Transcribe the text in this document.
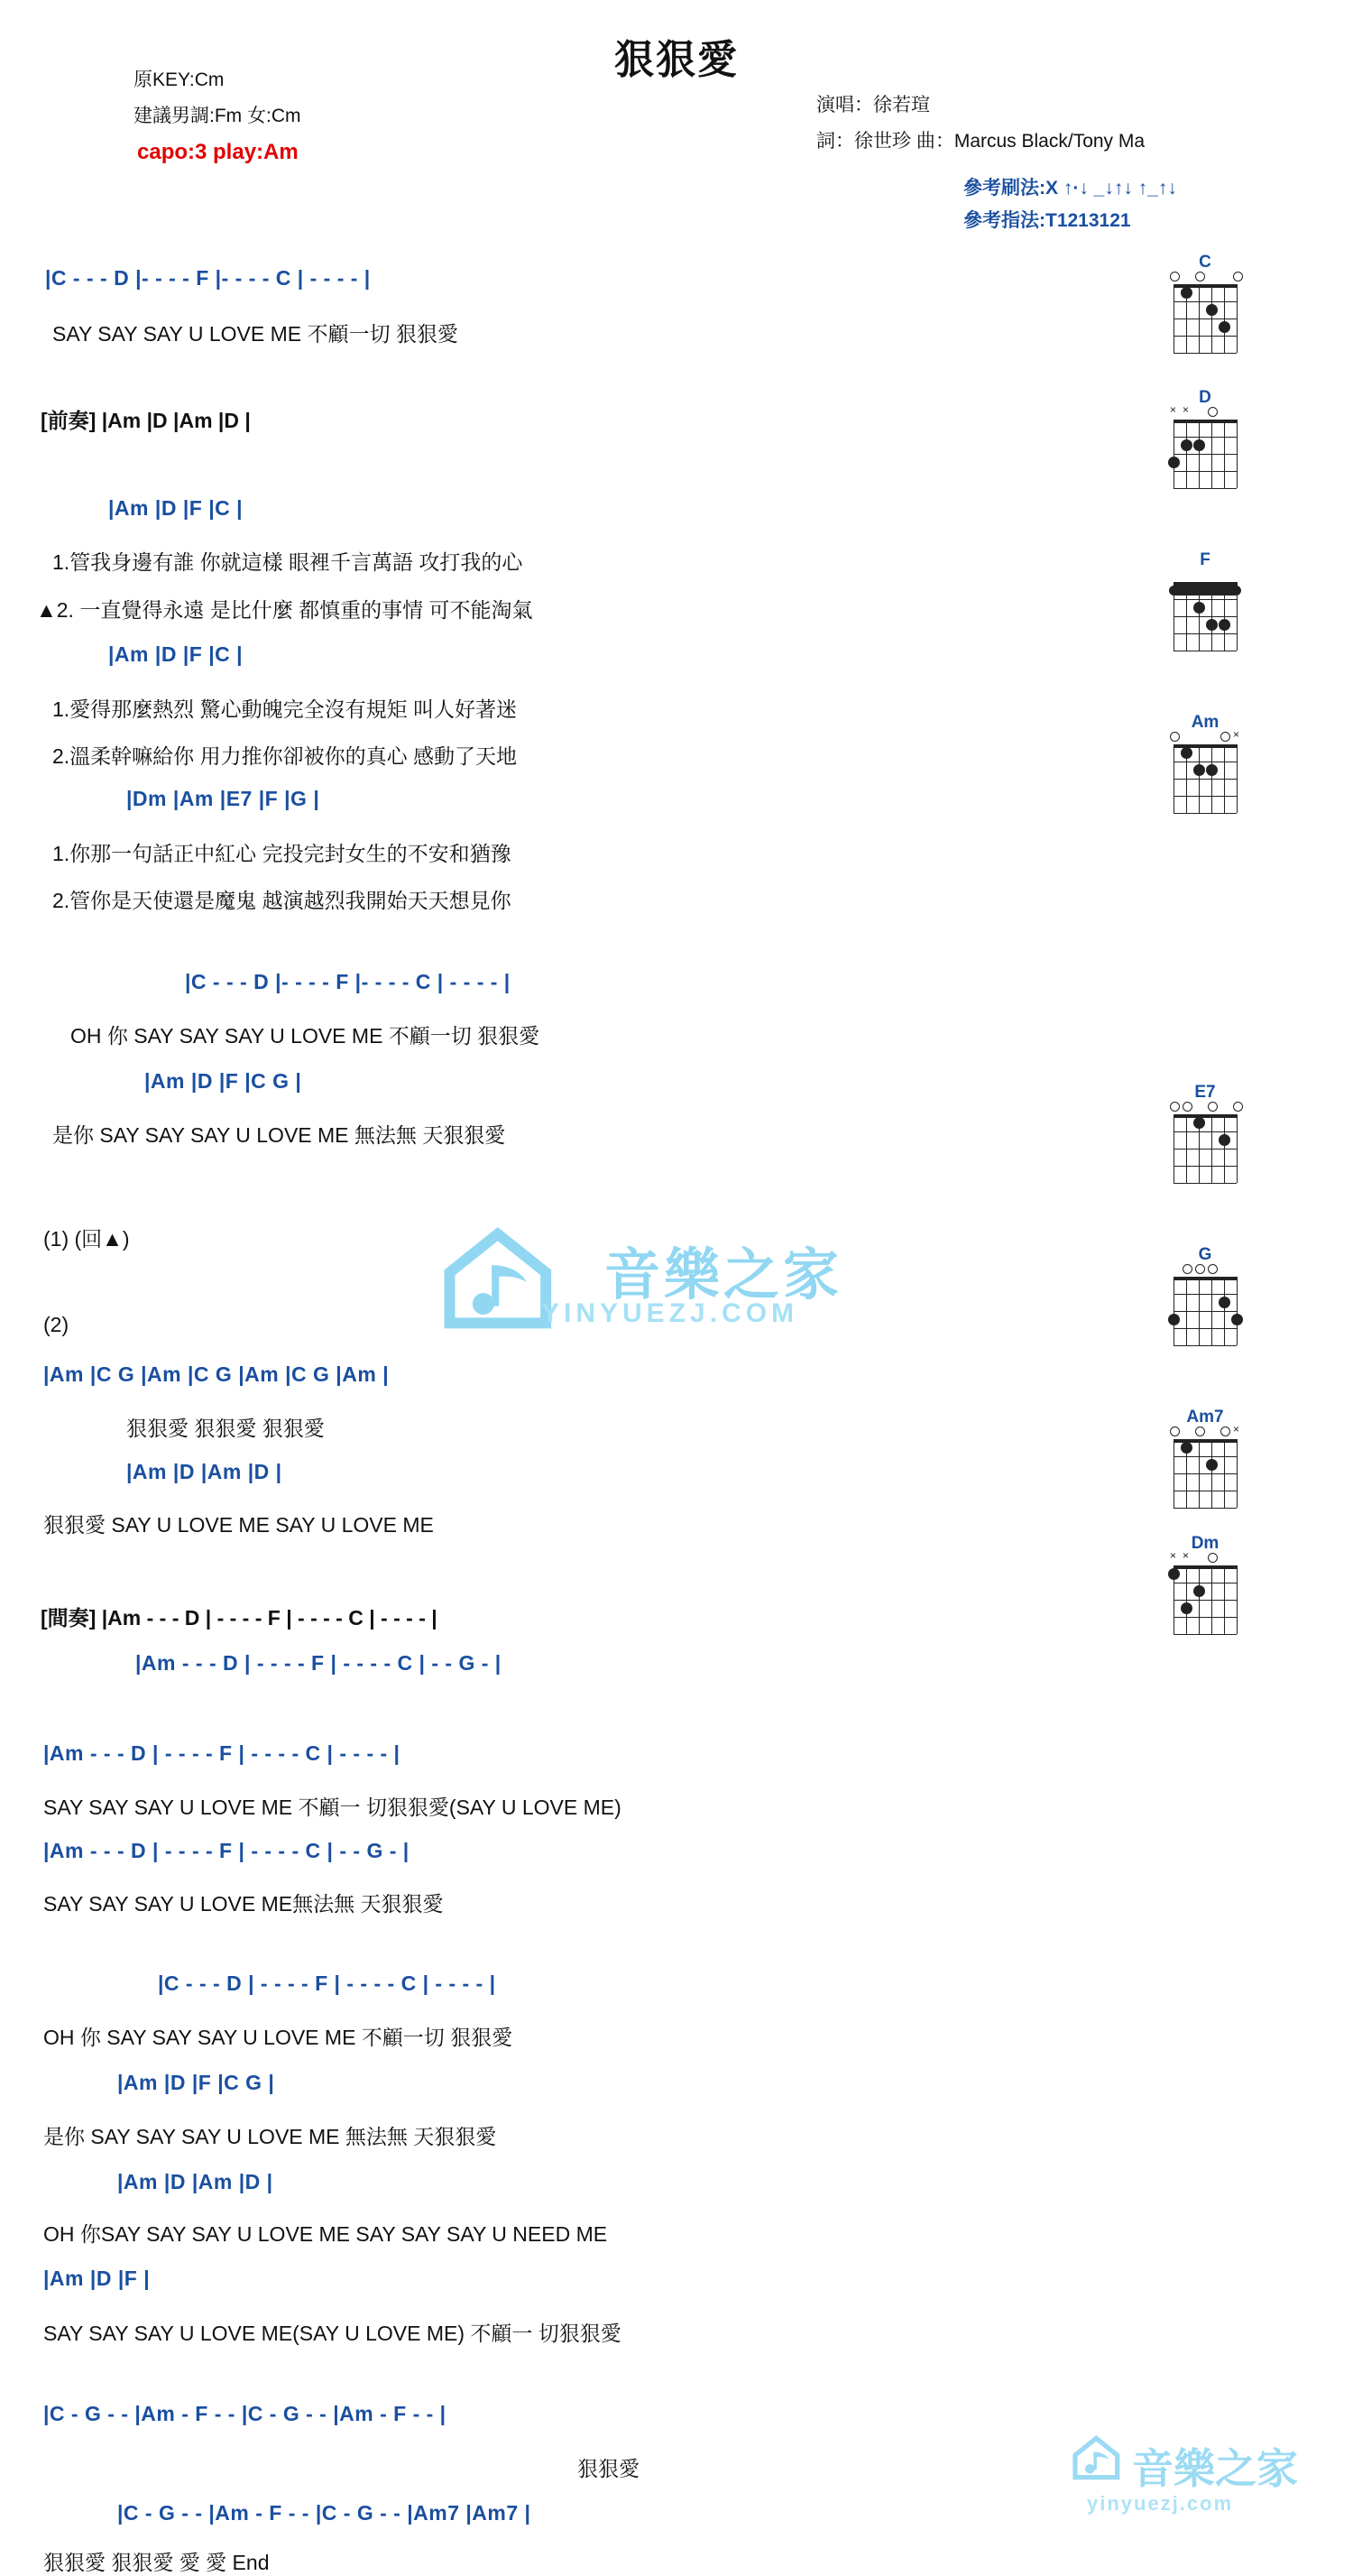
狠狠愛
原KEY:Cm
建議男調:Fm 女:Cm
capo:3 play:Am
演唱：徐若瑄
詞：徐世珍 曲：Marcus Black/Tony Ma
參考刷法:X ↑·↓ _↓↑↓ ↑_↑↓
參考指法:T1213121
C
D
× ×
F
Am
×
E7
G
Am7
×
Dm
× ×
|C - - - D |- - - - F |- - - - C | - - - - |
SAY SAY SAY U LOVE ME 不顧一切 狠狠愛
[前奏] |Am |D |Am |D |
|Am |D |F |C |
1.管我身邊有誰 你就這樣 眼裡千言萬語 攻打我的心
▲2. 一直覺得永遠 是比什麼 都慎重的事情 可不能淘氣
|Am |D |F |C |
1.愛得那麼熱烈 驚心動魄完全沒有規矩 叫人好著迷
2.溫柔幹嘛給你 用力推你卻被你的真心 感動了天地
|Dm |Am |E7 |F |G |
1.你那一句話正中紅心 完投完封女生的不安和猶豫
2.管你是天使還是魔鬼 越演越烈我開始天天想見你
|C - - - D |- - - - F |- - - - C | - - - - |
OH 你 SAY SAY SAY U LOVE ME 不顧一切 狠狠愛
|Am |D |F |C G |
是你 SAY SAY SAY U LOVE ME 無法無 天狠狠愛
(1) (回▲)
(2)
|Am |C G |Am |C G |Am |C G |Am |
狠狠愛 狠狠愛 狠狠愛
|Am |D |Am |D |
狠狠愛 SAY U LOVE ME SAY U LOVE ME
[間奏] |Am - - - D | - - - - F | - - - - C | - - - - |
|Am - - - D | - - - - F | - - - - C | - - G - |
|Am - - - D | - - - - F | - - - - C | - - - - |
SAY SAY SAY U LOVE ME 不顧一 切狠狠愛(SAY U LOVE ME)
|Am - - - D | - - - - F | - - - - C | - - G - |
SAY SAY SAY U LOVE ME無法無 天狠狠愛
|C - - - D | - - - - F | - - - - C | - - - - |
OH 你 SAY SAY SAY U LOVE ME 不顧一切 狠狠愛
|Am |D |F |C G |
是你 SAY SAY SAY U LOVE ME 無法無 天狠狠愛
|Am |D |Am |D |
OH 你SAY SAY SAY U LOVE ME SAY SAY SAY U NEED ME
|Am |D |F |
SAY SAY SAY U LOVE ME(SAY U LOVE ME) 不顧一 切狠狠愛
|C - G - - |Am - F - - |C - G - - |Am - F - - |
狠狠愛
|C - G - - |Am - F - - |C - G - - |Am7 |Am7 |
狠狠愛 狠狠愛 愛 愛 End
音樂之家
YINYUEZJ.COM
音樂之家
yinyuezj.com
